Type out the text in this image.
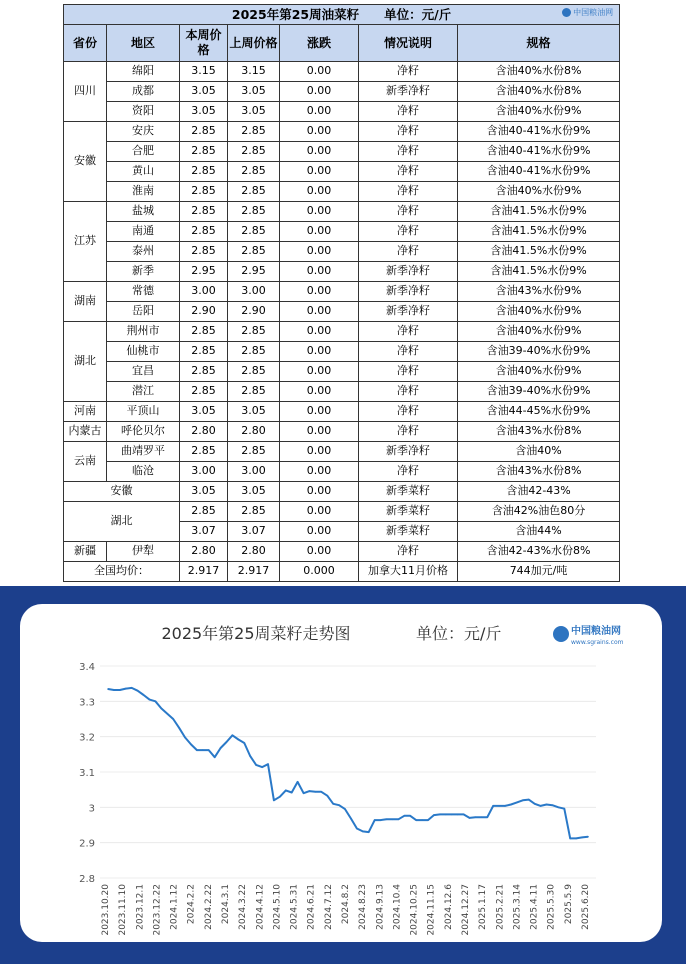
2025年第25周油菜籽　　单位：元/斤 中国粮油网						

省份	地区	本周价格	上周价格	涨跌	情况说明	规格
四川	绵阳	3.15	3.15	0.00	净籽	含油40%水份8%
	成都	3.05	3.05	0.00	新季净籽	含油40%水份8%
	资阳	3.05	3.05	0.00	净籽	含油40%水份9%
安徽	安庆	2.85	2.85	0.00	净籽	含油40-41%水份9%
	合肥	2.85	2.85	0.00	净籽	含油40-41%水份9%
	黄山	2.85	2.85	0.00	净籽	含油40-41%水份9%
	淮南	2.85	2.85	0.00	净籽	含油40%水份9%
江苏	盐城	2.85	2.85	0.00	净籽	含油41.5%水份9%
	南通	2.85	2.85	0.00	净籽	含油41.5%水份9%
	泰州	2.85	2.85	0.00	净籽	含油41.5%水份9%
	新季	2.95	2.95	0.00	新季净籽	含油41.5%水份9%
湖南	常德	3.00	3.00	0.00	新季净籽	含油43%水份9%
	岳阳	2.90	2.90	0.00	新季净籽	含油40%水份9%
湖北	荆州市	2.85	2.85	0.00	净籽	含油40%水份9%
	仙桃市	2.85	2.85	0.00	净籽	含油39-40%水份9%
	宜昌	2.85	2.85	0.00	净籽	含油40%水份9%
	潜江	2.85	2.85	0.00	净籽	含油39-40%水份9%
河南	平顶山	3.05	3.05	0.00	净籽	含油44-45%水份9%
内蒙古	呼伦贝尔	2.80	2.80	0.00	净籽	含油43%水份8%
云南	曲靖罗平	2.85	2.85	0.00	新季净籽	含油40%
	临沧	3.00	3.00	0.00	净籽	含油43%水份8%
安徽		3.05	3.05	0.00	新季菜籽	含油42-43%
湖北		2.85	2.85	0.00	新季菜籽	含油42%油色80分
		3.07	3.07	0.00	新季菜籽	含油44%
新疆	伊犁	2.80	2.80	0.00	净籽	含油42-43%水份8%
全国均价：		2.917	2.917	0.000	加拿大11月价格	744加元/吨
2025年第25周菜籽走势图	单位：元/斤	中国粮油网
www.sgrains.com
2.8
2.9
3
3.1
3.2
3.3
3.4
2023.10.20 2023.11.10 2023.12.1 2023.12.22 2024.1.12 2024.2.2 2024.2.22 2024.3.1 2024.3.22 2024.4.12 2024.5.10 2024.5.31 2024.6.21 2024.7.12 2024.8.2 2024.8.23 2024.9.13 2024.10.4 2024.10.25 2024.11.15 2024.12.6 2024.12.27 2025.1.17 2025.2.21 2025.3.14 2025.4.11 2025.5.30 2025.5.9 2025.6.20
